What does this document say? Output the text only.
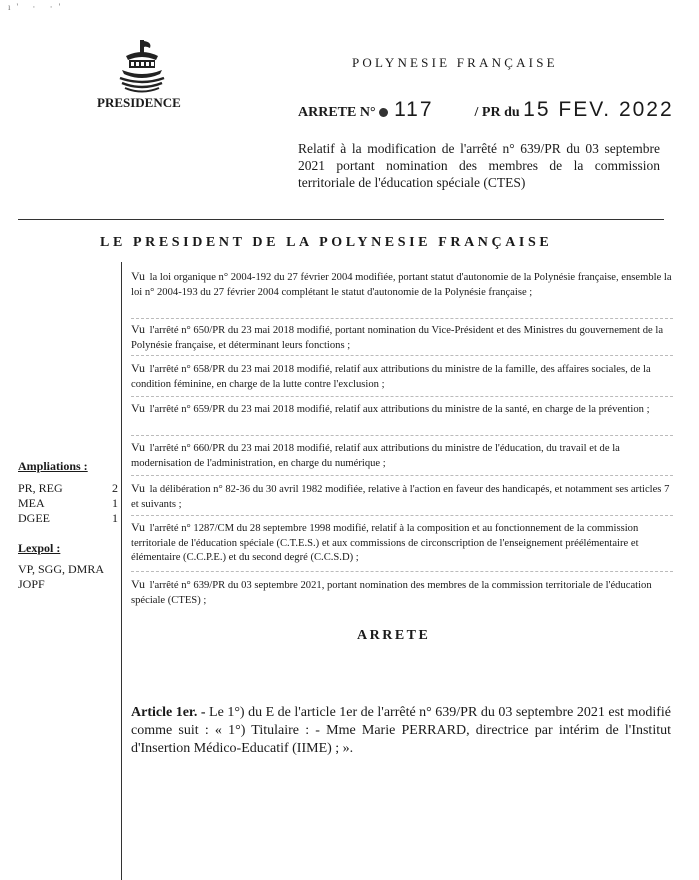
ı' · ·'
PRESIDENCE
POLYNESIE FRANÇAISE
ARRETE N° 117	/ PR du 15 FEV. 2022
Relatif à la modification de l'arrêté n° 639/PR du 03 septembre 2021 portant nomination des membres de la commission territoriale de l'éducation spéciale (CTES)
LE PRESIDENT DE LA POLYNESIE FRANÇAISE
Vu la loi organique n° 2004-192 du 27 février 2004 modifiée, portant statut d'autonomie de la Polynésie française, ensemble la loi n° 2004-193 du 27 février 2004 complétant le statut d'autonomie de la Polynésie française ;
Vu l'arrêté n° 650/PR du 23 mai 2018 modifié, portant nomination du Vice-Président et des Ministres du gouvernement de la Polynésie française, et déterminant leurs fonctions ;
Vu l'arrêté n° 658/PR du 23 mai 2018 modifié, relatif aux attributions du ministre de la famille, des affaires sociales, de la condition féminine, en charge de la lutte contre l'exclusion ;
Vu l'arrêté n° 659/PR du 23 mai 2018 modifié, relatif aux attributions du ministre de la santé, en charge de la prévention ;
Vu l'arrêté n° 660/PR du 23 mai 2018 modifié, relatif aux attributions du ministre de l'éducation, du travail et de la modernisation de l'administration, en charge du numérique ;
Vu la délibération n° 82-36 du 30 avril 1982 modifiée, relative à l'action en faveur des handicapés, et notamment ses articles 7 et suivants ;
Vu l'arrêté n° 1287/CM du 28 septembre 1998 modifié, relatif à la composition et au fonctionnement de la commission territoriale de l'éducation spéciale (C.T.E.S.) et aux commissions de circonscription de l'enseignement préélémentaire et élémentaire (C.C.P.E.) et du second degré (C.C.S.D) ;
Vu l'arrêté n° 639/PR du 03 septembre 2021, portant nomination des membres de la commission territoriale de l'éducation spéciale (CTES) ;
Ampliations :
PR, REG	2
MEA	1
DGEE	1
Lexpol :
VP, SGG, DMRA
JOPF
ARRETE
Article 1er. - Le 1°) du E de l'article 1er de l'arrêté n° 639/PR du 03 septembre 2021 est modifié comme suit : « 1°) Titulaire : - Mme Marie PERRARD, directrice par intérim de l'Institut d'Insertion Médico-Educatif (IIME) ; ».
